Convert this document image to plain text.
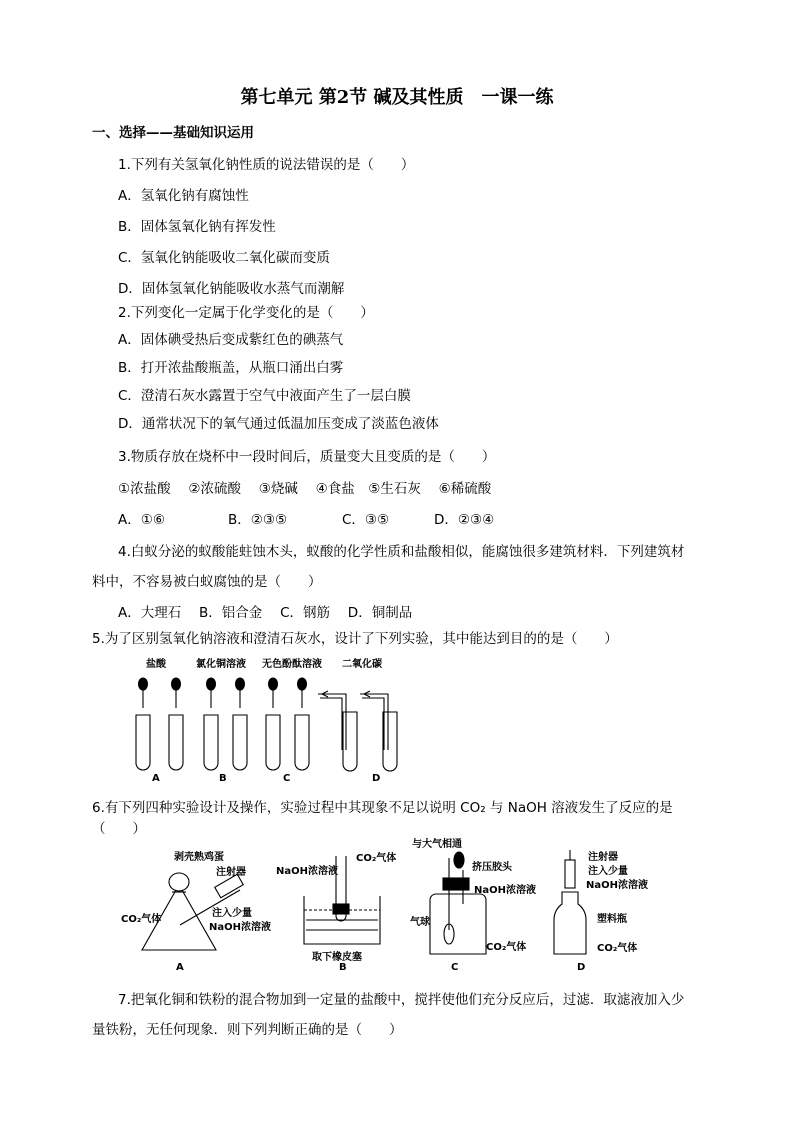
第七单元 第2节 碱及其性质　一课一练
一、选择——基础知识运用
1.下列有关氢氧化钠性质的说法错误的是（　　）
A．氢氧化钠有腐蚀性
B．固体氢氧化钠有挥发性
C．氢氧化钠能吸收二氧化碳而变质
D．固体氢氧化钠能吸收水蒸气而潮解
2.下列变化一定属于化学变化的是（　　）
A．固体碘受热后变成紫红色的碘蒸气
B．打开浓盐酸瓶盖，从瓶口涌出白雾
C．澄清石灰水露置于空气中液面产生了一层白膜
D．通常状况下的氧气通过低温加压变成了淡蓝色液体
3.物质存放在烧杯中一段时间后，质量变大且变质的是（　　）
①浓盐酸　 ②浓硫酸　 ③烧碱　 ④食盐　⑤生石灰　 ⑥稀硫酸
A．①⑥	B．②③⑤	C．③⑤	D．②③④
4.白蚁分泌的蚁酸能蛀蚀木头，蚁酸的化学性质和盐酸相似，能腐蚀很多建筑材料．下列建筑材
料中，不容易被白蚁腐蚀的是（　　）
A．大理石　 B．铝合金　 C．钢筋　 D．铜制品
5.为了区别氢氧化钠溶液和澄清石灰水，设计了下列实验，其中能达到目的的是（　　）
盐酸	氯化铜溶液 无色酚酞溶液 二氧化碳
A	B	C	D
6.有下列四种实验设计及操作，实验过程中其现象不足以说明 CO₂ 与 NaOH 溶液发生了反应的是
（　　）
剥壳熟鸡蛋
注射器
CO₂气体
注入少量
NaOH浓溶液
A
NaOH浓溶液
CO₂气体
取下橡皮塞
B
与大气相通
挤压胶头
NaOH浓溶液
气球
CO₂气体
C
注射器
注入少量
NaOH浓溶液
塑料瓶
CO₂气体
D
7.把氧化铜和铁粉的混合物加到一定量的盐酸中，搅拌使他们充分反应后，过滤．取滤液加入少
量铁粉，无任何现象．则下列判断正确的是（　　）
